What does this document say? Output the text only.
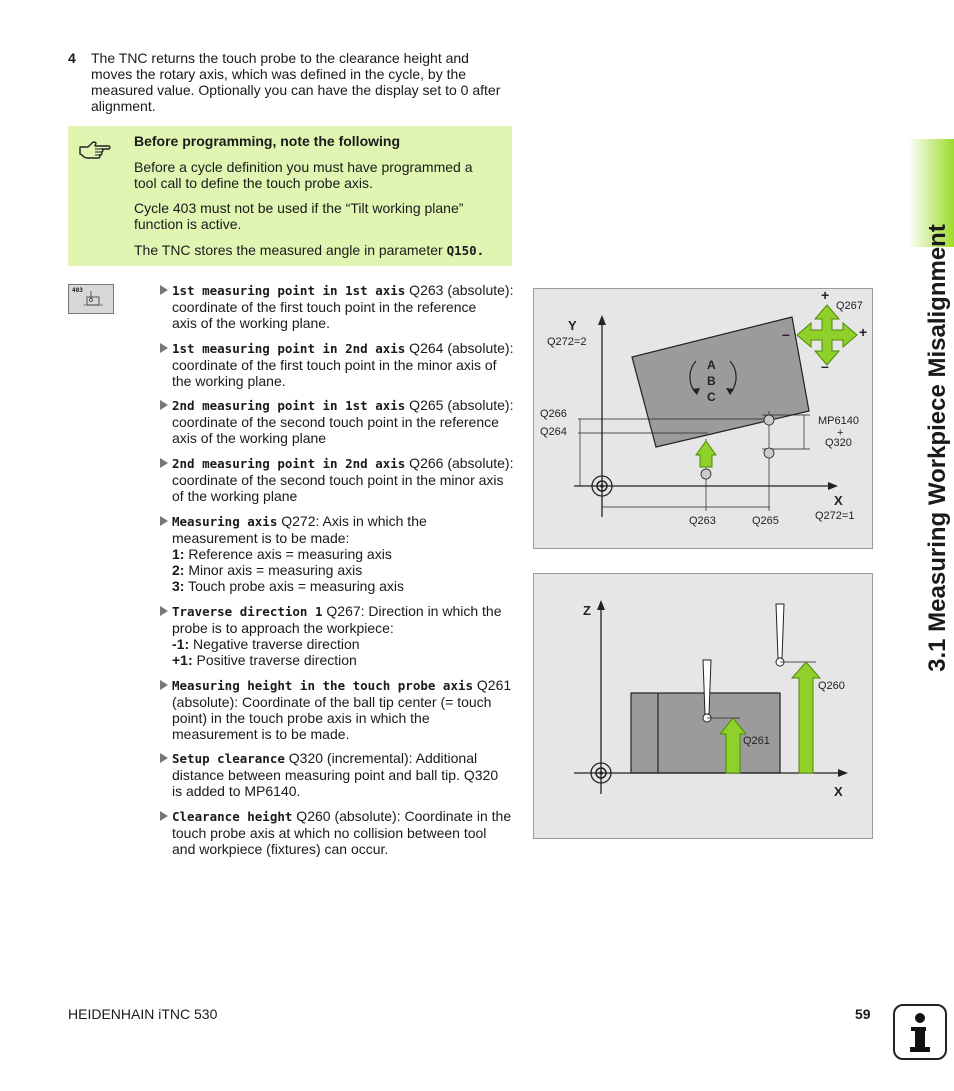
4 The TNC returns the touch probe to the clearance height and
moves the rotary axis, which was defined in the cycle, by the
measured value. Optionally you can have the display set to 0 after
alignment.
Before programming, note the following
Before a cycle definition you must have programmed a
tool call to define the touch probe axis.
Cycle 403 must not be used if the “Tilt working plane”
function is active.
The TNC stores the measured angle in parameter Q150.
403	1st measuring point in 1st axis Q263 (absolute):
coordinate of the first touch point in the reference
axis of the working plane.
1st measuring point in 2nd axis Q264 (absolute):
coordinate of the first touch point in the minor axis of
the working plane.
2nd measuring point in 1st axis Q265 (absolute):
coordinate of the second touch point in the reference
axis of the working plane
2nd measuring point in 2nd axis Q266 (absolute):
coordinate of the second touch point in the minor axis
of the working plane
Measuring axis Q272: Axis in which the
measurement is to be made:
1: Reference axis = measuring axis
2: Minor axis = measuring axis
3: Touch probe axis = measuring axis
Traverse direction 1 Q267: Direction in which the
probe is to approach the workpiece:
-1: Negative traverse direction
+1: Positive traverse direction
Measuring height in the touch probe axis Q261
(absolute): Coordinate of the ball tip center (= touch
point) in the touch probe axis in which the
measurement is to be made.
Setup clearance Q320 (incremental): Additional
distance between measuring point and ball tip. Q320
is added to MP6140.
Clearance height Q260 (absolute): Coordinate in the
touch probe axis at which no collision between tool
and workpiece (fixtures) can occur.
3.1 Measuring Workpiece Misalignment
Y
X
Q272=2
Q266
Q264
Q263	Q265	Q272=1
MP6140
+
Q320
Q267
+
–	+
–
A
B
C
Z
X
Q260
Q261
HEIDENHAIN iTNC 530	59
